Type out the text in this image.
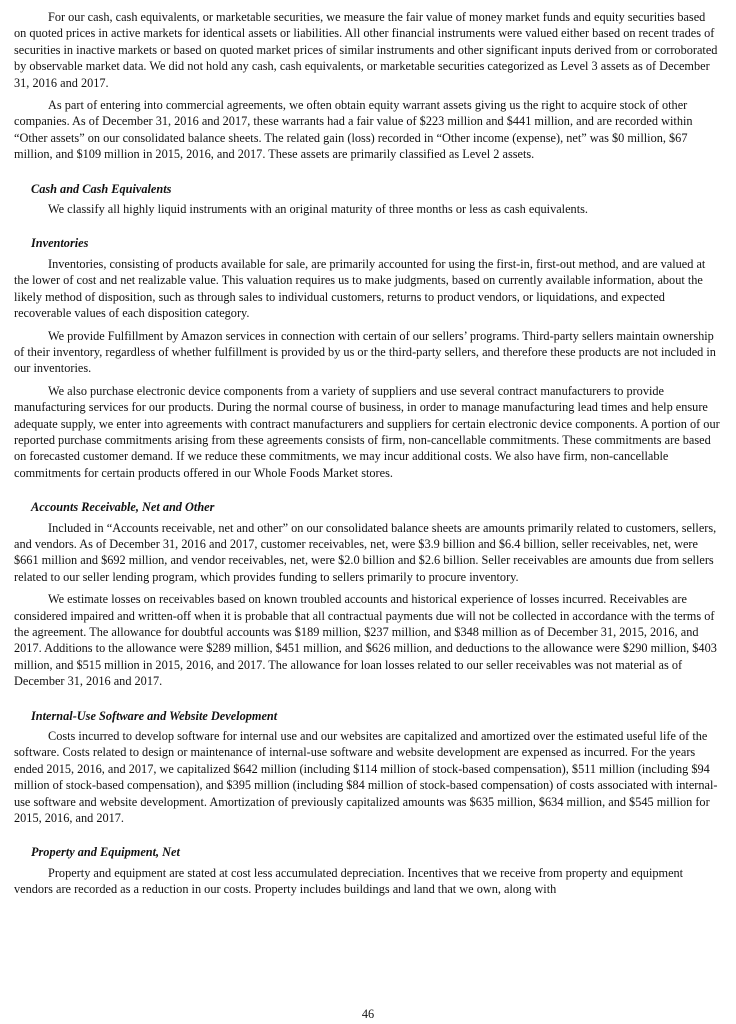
For our cash, cash equivalents, or marketable securities, we measure the fair value of money market funds and equity securities based on quoted prices in active markets for identical assets or liabilities. All other financial instruments were valued either based on recent trades of securities in inactive markets or based on quoted market prices of similar instruments and other significant inputs derived from or corroborated by observable market data. We did not hold any cash, cash equivalents, or marketable securities categorized as Level 3 assets as of December 31, 2016 and 2017.

As part of entering into commercial agreements, we often obtain equity warrant assets giving us the right to acquire stock of other companies. As of December 31, 2016 and 2017, these warrants had a fair value of $223 million and $441 million, and are recorded within “Other assets” on our consolidated balance sheets. The related gain (loss) recorded in “Other income (expense), net” was $0 million, $67 million, and $109 million in 2015, 2016, and 2017. These assets are primarily classified as Level 2 assets.

Cash and Cash Equivalents

We classify all highly liquid instruments with an original maturity of three months or less as cash equivalents.

Inventories

Inventories, consisting of products available for sale, are primarily accounted for using the first-in, first-out method, and are valued at the lower of cost and net realizable value. This valuation requires us to make judgments, based on currently available information, about the likely method of disposition, such as through sales to individual customers, returns to product vendors, or liquidations, and expected recoverable values of each disposition category.

We provide Fulfillment by Amazon services in connection with certain of our sellers’ programs. Third-party sellers maintain ownership of their inventory, regardless of whether fulfillment is provided by us or the third-party sellers, and therefore these products are not included in our inventories.

We also purchase electronic device components from a variety of suppliers and use several contract manufacturers to provide manufacturing services for our products. During the normal course of business, in order to manage manufacturing lead times and help ensure adequate supply, we enter into agreements with contract manufacturers and suppliers for certain electronic device components. A portion of our reported purchase commitments arising from these agreements consists of firm, non-cancellable commitments. These commitments are based on forecasted customer demand. If we reduce these commitments, we may incur additional costs. We also have firm, non-cancellable commitments for certain products offered in our Whole Foods Market stores.

Accounts Receivable, Net and Other

Included in “Accounts receivable, net and other” on our consolidated balance sheets are amounts primarily related to customers, sellers, and vendors. As of December 31, 2016 and 2017, customer receivables, net, were $3.9 billion and $6.4 billion, seller receivables, net, were $661 million and $692 million, and vendor receivables, net, were $2.0 billion and $2.6 billion. Seller receivables are amounts due from sellers related to our seller lending program, which provides funding to sellers primarily to procure inventory.

We estimate losses on receivables based on known troubled accounts and historical experience of losses incurred. Receivables are considered impaired and written-off when it is probable that all contractual payments due will not be collected in accordance with the terms of the agreement. The allowance for doubtful accounts was $189 million, $237 million, and $348 million as of December 31, 2015, 2016, and 2017. Additions to the allowance were $289 million, $451 million, and $626 million, and deductions to the allowance were $290 million, $403 million, and $515 million in 2015, 2016, and 2017. The allowance for loan losses related to our seller receivables was not material as of December 31, 2016 and 2017.

Internal-Use Software and Website Development

Costs incurred to develop software for internal use and our websites are capitalized and amortized over the estimated useful life of the software. Costs related to design or maintenance of internal-use software and website development are expensed as incurred. For the years ended 2015, 2016, and 2017, we capitalized $642 million (including $114 million of stock-based compensation), $511 million (including $94 million of stock-based compensation), and $395 million (including $84 million of stock-based compensation) of costs associated with internal-use software and website development. Amortization of previously capitalized amounts was $635 million, $634 million, and $545 million for 2015, 2016, and 2017.

Property and Equipment, Net

Property and equipment are stated at cost less accumulated depreciation. Incentives that we receive from property and equipment vendors are recorded as a reduction in our costs. Property includes buildings and land that we own, along with

46
